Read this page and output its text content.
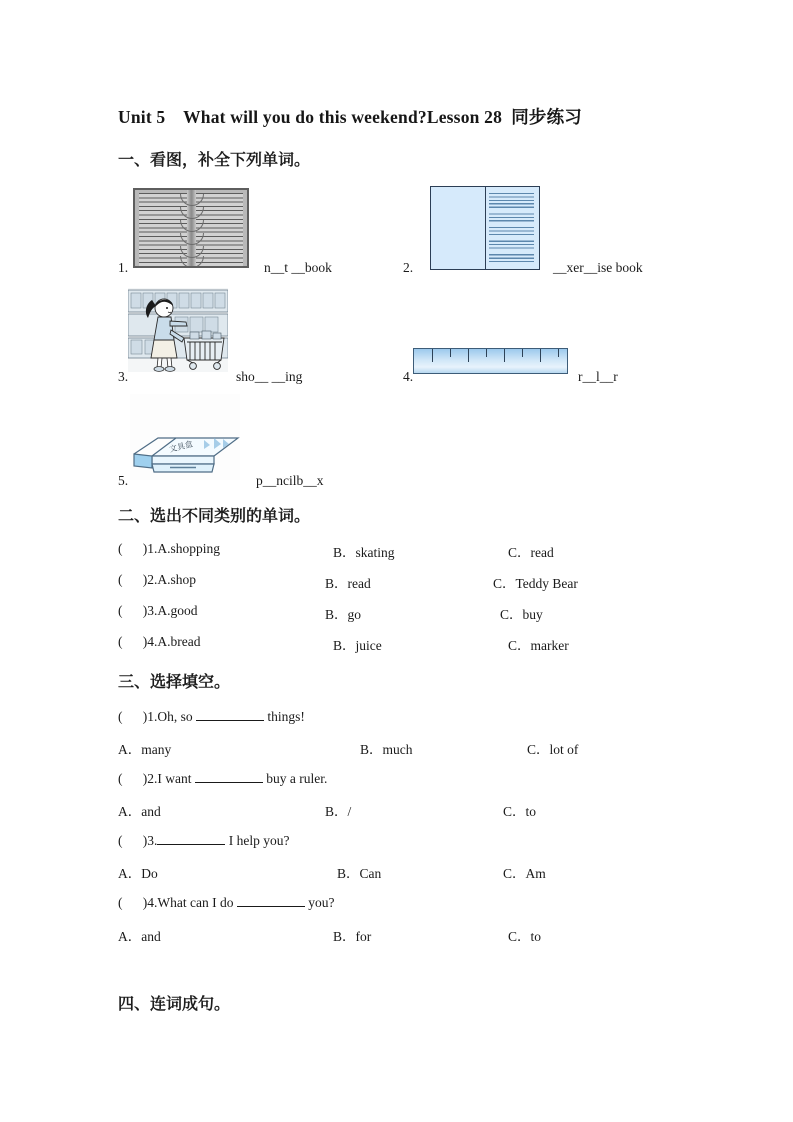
Unit 5　What will you do this weekend?Lesson 28  同步练习
一、看图，补全下列单词。
1.	n__t __book	2.	__xer__ise book
3.	sho__ __ing	4.	r__l__r
文具盒
5.	p__ncilb__x
二、选出不同类别的单词。
(      )1.A.shopping	B．skating	C．read
(      )2.A.shop	B．read	C．Teddy Bear
(      )3.A.good	B．go	C．buy
(      )4.A.bread	B．juice	C．marker
三、选择填空。
(      )1.Oh, so	things!
A．many	B．much	C．lot of
(      )2.I want	buy a ruler.
A．and	B．/	C．to
(      )3.	I help you?
A．Do	B．Can	C．Am
(      )4.What can I do	you?
A．and	B．for	C．to
四、连词成句。
